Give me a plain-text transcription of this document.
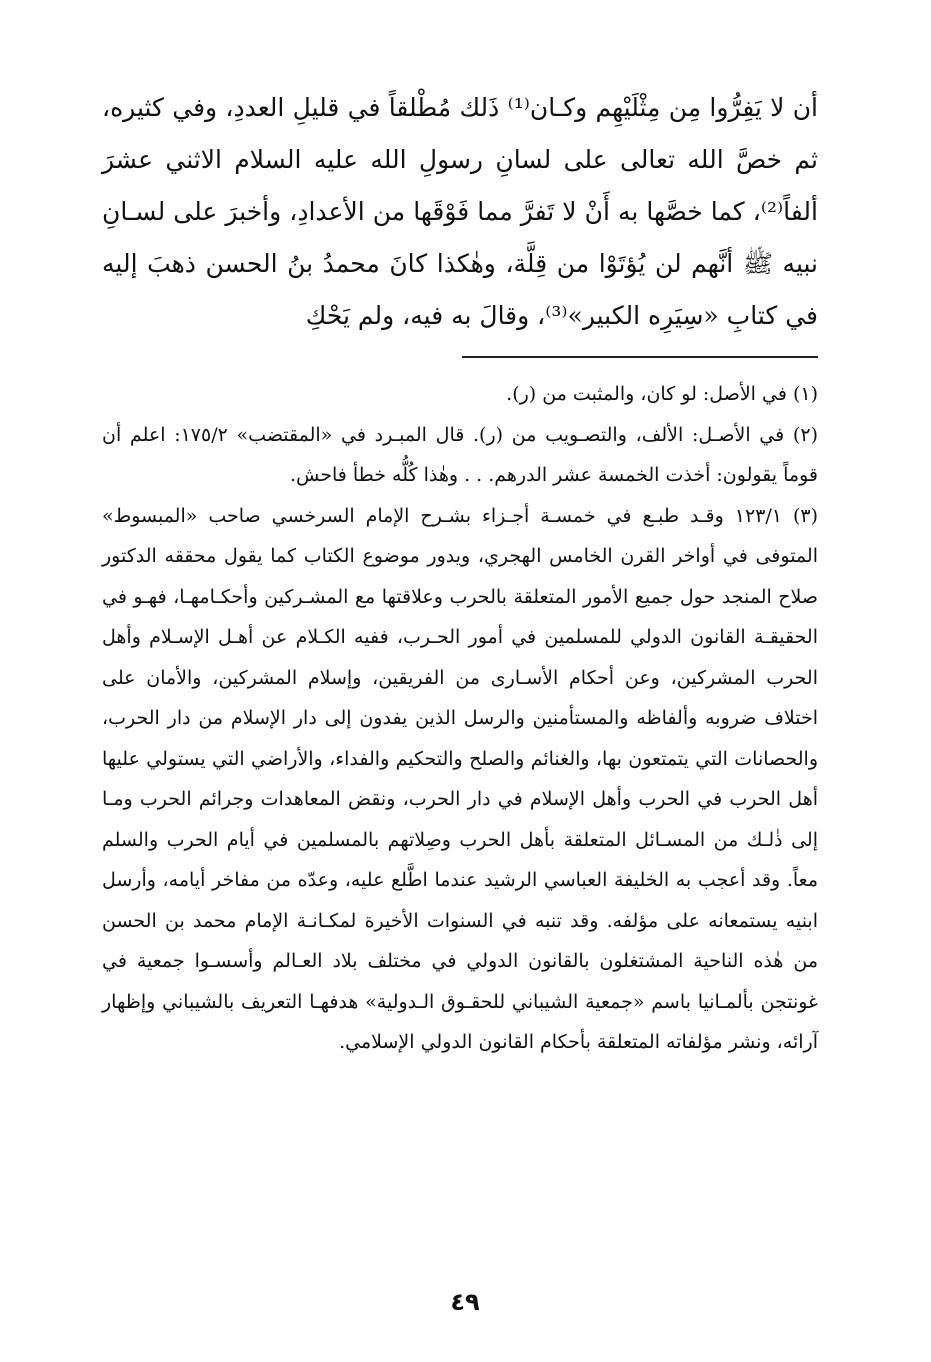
أن لا يَفِرُّوا مِن مِثْلَيْهِم وكـان⁽¹⁾ ذَلك مُطْلقاً في قليلِ العددِ، وفي كثيره، ثم خصَّ الله تعالى على لسانِ رسولِ الله عليه السلام الاثني عشرَ ألفاً⁽²⁾، كما خصَّها به أَنْ لا تَفرَّ مما فَوْقَها من الأعدادِ، وأخبرَ على لسـانِ نبيه ﷺ أنَّهم لن يُؤتَوْا من قِلَّة، وهٰكذا كانَ محمدُ بنُ الحسن ذهبَ إليه في كتابِ «سِيَرِه الكبير»⁽³⁾، وقالَ به فيه، ولم يَحْكِ

(١) في الأصل: لو كان، والمثبت من (ر).

(٢) في الأصـل: الألف، والتصـويب من (ر). قال المبـرد في «المقتضب» ١٧٥/٢: اعلم أن قوماً يقولون: أخذت الخمسة عشر الدرهم. . . وهٰذا كُلُّه خطأ فاحش.

(٣) ١٢٣/١ وقـد طبـع في خمسـة أجـزاء بشـرح الإمام السرخسي صاحب «المبسوط» المتوفى في أواخر القرن الخامس الهجري، ويدور موضوع الكتاب كما يقول محققه الدكتور صلاح المنجد حول جميع الأمور المتعلقة بالحرب وعلاقتها مع المشـركين وأحكـامهـا، فهـو في الحقيقـة القانون الدولي للمسلمين في أمور الحـرب، ففيه الكـلام عن أهـل الإسـلام وأهل الحرب المشركين، وعن أحكام الأسـارى من الفريقين، وإسلام المشركين، والأمان على اختلاف ضروبه وألفاظه والمستأمنين والرسل الذين يفدون إلى دار الإسلام من دار الحرب، والحصانات التي يتمتعون بها، والغنائم والصلح والتحكيم والفداء، والأراضي التي يستولي عليها أهل الحرب في الحرب وأهل الإسلام في دار الحرب، ونقض المعاهدات وجرائم الحرب ومـا إلى ذٰلـك من المسـائل المتعلقة بأهل الحرب وصِلاتهم بالمسلمين في أيام الحرب والسلم معاً. وقد أعجب به الخليفة العباسي الرشيد عندما اطَّلع عليه، وعدّه من مفاخر أيامه، وأرسل ابنيه يستمعانه على مؤلفه. وقد تنبه في السنوات الأخيرة لمكـانـة الإمام محمد بن الحسن من هٰذه الناحية المشتغلون بالقانون الدولي في مختلف بلاد العـالم وأسسـوا جمعية في غونتجن بألمـانيا باسم «جمعية الشيباني للحقـوق الـدولية» هدفهـا التعريف بالشيباني وإظهار آرائه، ونشر مؤلفاته المتعلقة بأحكام القانون الدولي الإسلامي.

٤٩
